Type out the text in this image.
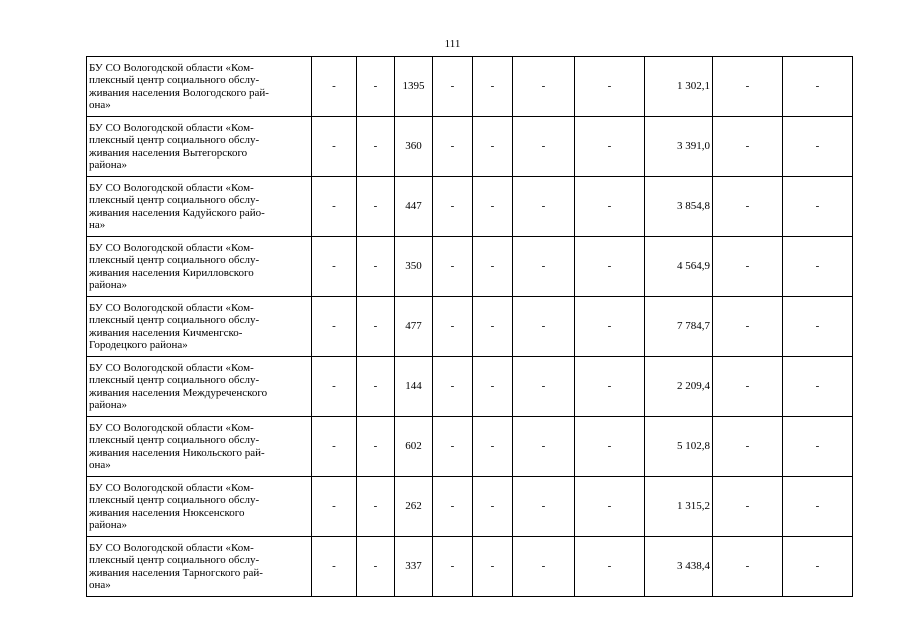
111
БУ СО Вологодской области «Ком-
плексный центр социального обслу-
живания населения Вологодского рай-
она»	-	-	1395	-	-	-	-	1 302,1	-	-

БУ СО Вологодской области «Ком-
плексный центр социального обслу-
живания населения Вытегорского
района»	-	-	360	-	-	-	-	3 391,0	-	-

БУ СО Вологодской области «Ком-
плексный центр социального обслу-
живания населения Кадуйского райо-
на»	-	-	447	-	-	-	-	3 854,8	-	-

БУ СО Вологодской области «Ком-
плексный центр социального обслу-
живания населения Кирилловского
района»	-	-	350	-	-	-	-	4 564,9	-	-

БУ СО Вологодской области «Ком-
плексный центр социального обслу-
живания населения Кичменгско-
Городецкого района»	-	-	477	-	-	-	-	7 784,7	-	-

БУ СО Вологодской области «Ком-
плексный центр социального обслу-
живания населения Междуреченского
района»	-	-	144	-	-	-	-	2 209,4	-	-

БУ СО Вологодской области «Ком-
плексный центр социального обслу-
живания населения Никольского рай-
она»	-	-	602	-	-	-	-	5 102,8	-	-

БУ СО Вологодской области «Ком-
плексный центр социального обслу-
живания населения Нюксенского
района»	-	-	262	-	-	-	-	1 315,2	-	-

БУ СО Вологодской области «Ком-
плексный центр социального обслу-
живания населения Тарногского рай-
она»	-	-	337	-	-	-	-	3 438,4	-	-
